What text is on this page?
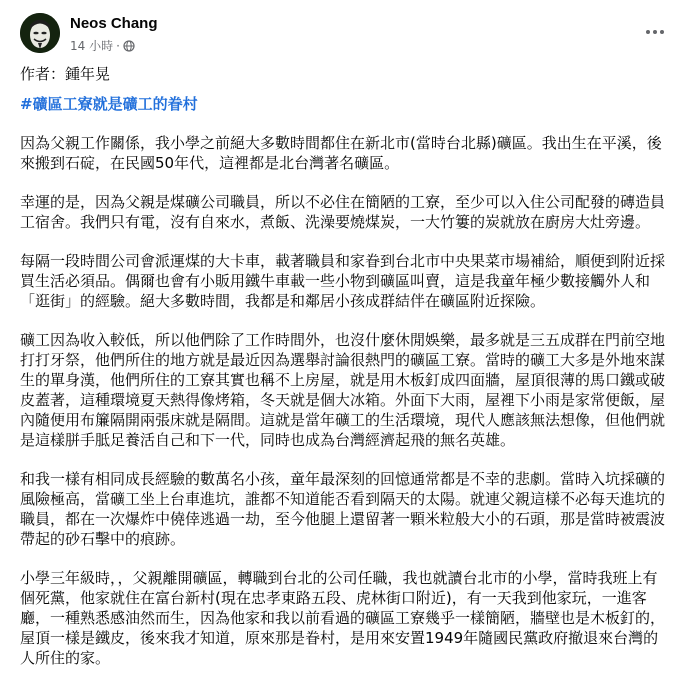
Neos Chang
14 小時 ·

作者：鍾年晃

#礦區工寮就是礦工的眷村

因為父親工作關係，我小學之前絕大多數時間都住在新北市(當時台北縣)礦區。我出生在平溪，後來搬到石碇，在民國50年代，這裡都是北台灣著名礦區。

幸運的是，因為父親是煤礦公司職員，所以不必住在簡陋的工寮，至少可以入住公司配發的磚造員工宿舍。我們只有電，沒有自來水，煮飯、洗澡要燒煤炭，一大竹簍的炭就放在廚房大灶旁邊。

每隔一段時間公司會派運煤的大卡車，載著職員和家眷到台北市中央果菜市場補給，順便到附近採買生活必須品。偶爾也會有小販用鐵牛車載一些小物到礦區叫賣，這是我童年極少數接觸外人和「逛街」的經驗。絕大多數時間，我都是和鄰居小孩成群結伴在礦區附近探險。

礦工因為收入較低，所以他們除了工作時間外，也沒什麼休閒娛樂，最多就是三五成群在門前空地打打牙祭，他們所住的地方就是最近因為選舉討論很熱門的礦區工寮。當時的礦工大多是外地來謀生的單身漢，他們所住的工寮其實也稱不上房屋，就是用木板釘成四面牆，屋頂很薄的馬口鐵或破皮蓋著，這種環境夏天熱得像烤箱，冬天就是個大冰箱。外面下大雨，屋裡下小雨是家常便飯，屋內隨便用布簾隔開兩張床就是隔間。這就是當年礦工的生活環境，現代人應該無法想像，但他們就是這樣胼手胝足養活自己和下一代，同時也成為台灣經濟起飛的無名英雄。

和我一樣有相同成長經驗的數萬名小孩，童年最深刻的回憶通常都是不幸的悲劇。當時入坑採礦的風險極高，當礦工坐上台車進坑，誰都不知道能否看到隔天的太陽。就連父親這樣不必每天進坑的職員，都在一次爆炸中僥倖逃過一劫，至今他腿上還留著一顆米粒般大小的石頭，那是當時被震波帶起的砂石擊中的痕跡。

小學三年級時，，父親離開礦區，轉職到台北的公司任職，我也就讀台北市的小學，當時我班上有個死黨，他家就住在富台新村(現在忠孝東路五段、虎林街口附近)，有一天我到他家玩，一進客廳，一種熟悉感油然而生，因為他家和我以前看過的礦區工寮幾乎一樣簡陋，牆壁也是木板釘的，屋頂一樣是鐵皮，後來我才知道，原來那是眷村，是用來安置1949年隨國民黨政府撤退來台灣的人所住的家。
